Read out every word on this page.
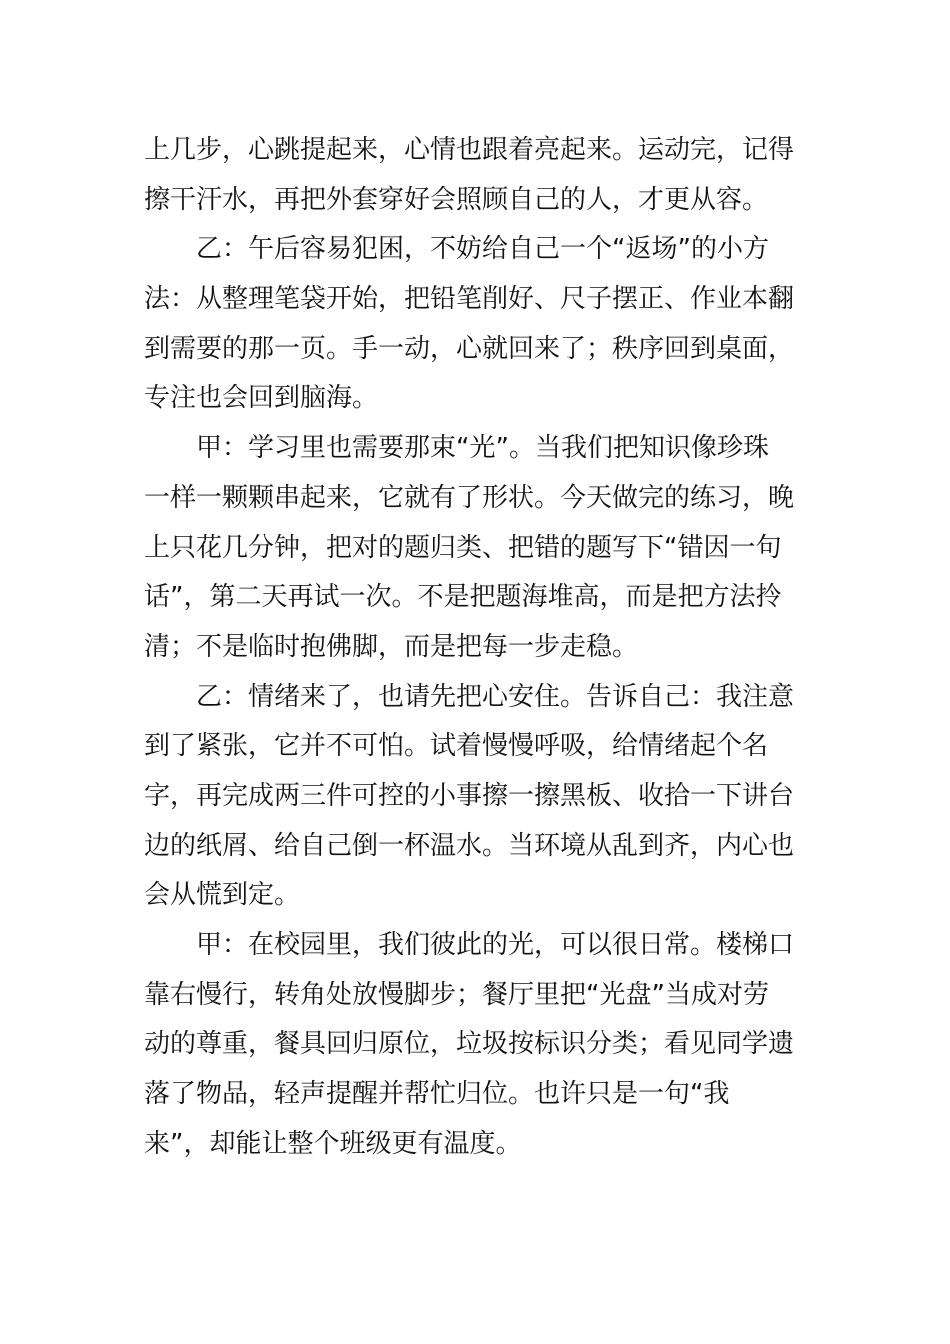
上几步，心跳提起来，心情也跟着亮起来。运动完，记得
擦干汗水，再把外套穿好会照顾自己的人，才更从容。
乙：午后容易犯困，不妨给自己一个“返场”的小方
法：从整理笔袋开始，把铅笔削好、尺子摆正、作业本翻
到需要的那一页。手一动，心就回来了；秩序回到桌面，
专注也会回到脑海。
甲：学习里也需要那束“光”。当我们把知识像珍珠
一样一颗颗串起来，它就有了形状。今天做完的练习，晚
上只花几分钟，把对的题归类、把错的题写下“错因一句
话”，第二天再试一次。不是把题海堆高，而是把方法拎
清；不是临时抱佛脚，而是把每一步走稳。
乙：情绪来了，也请先把心安住。告诉自己：我注意
到了紧张，它并不可怕。试着慢慢呼吸，给情绪起个名
字，再完成两三件可控的小事擦一擦黑板、收拾一下讲台
边的纸屑、给自己倒一杯温水。当环境从乱到齐，内心也
会从慌到定。
甲：在校园里，我们彼此的光，可以很日常。楼梯口
靠右慢行，转角处放慢脚步；餐厅里把“光盘”当成对劳
动的尊重，餐具回归原位，垃圾按标识分类；看见同学遗
落了物品，轻声提醒并帮忙归位。也许只是一句“我
来”，却能让整个班级更有温度。
